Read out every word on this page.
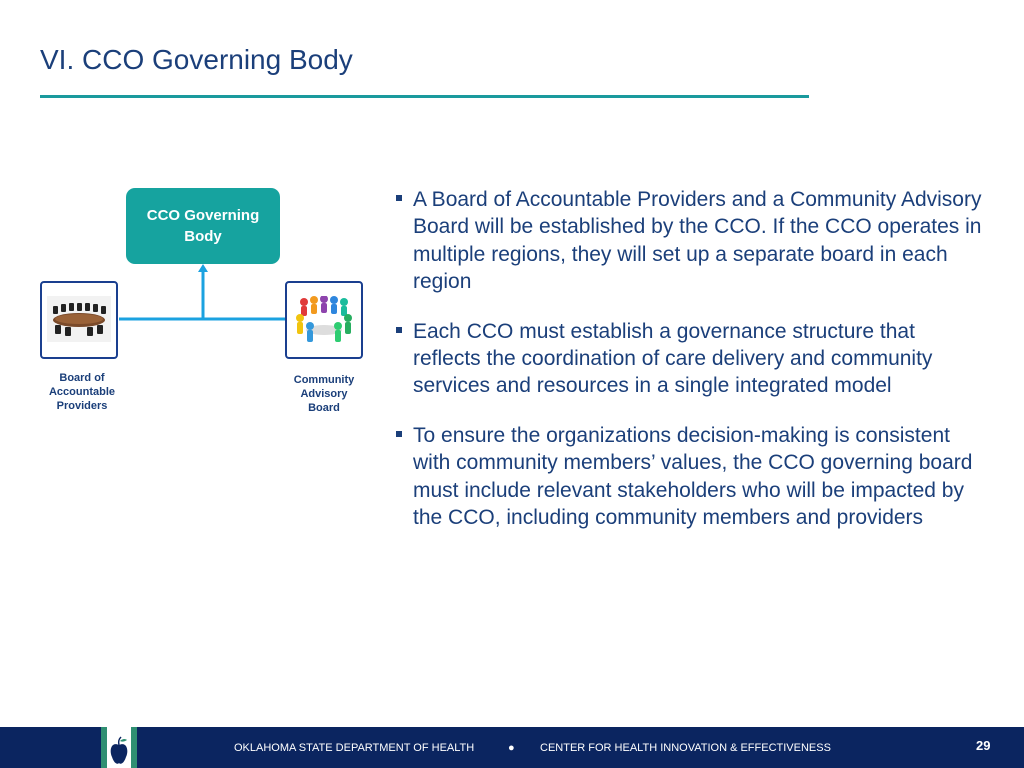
VI. CCO Governing Body
CCO Governing
Body
Board of
Accountable
Providers
Community
Advisory
Board
A Board of Accountable Providers and a Community Advisory Board will be established by the CCO. If the CCO operates in multiple regions, they will set up a separate board in each region
Each CCO must establish a governance structure that reflects the coordination of care delivery and community services and resources in a single integrated model
To ensure the organizations decision-making is consistent with community members’ values, the CCO governing board must include relevant stakeholders who will be impacted by the CCO, including community members and providers
OKLAHOMA STATE DEPARTMENT OF HEALTH	● CENTER FOR HEALTH INNOVATION & EFFECTIVENESS	29
